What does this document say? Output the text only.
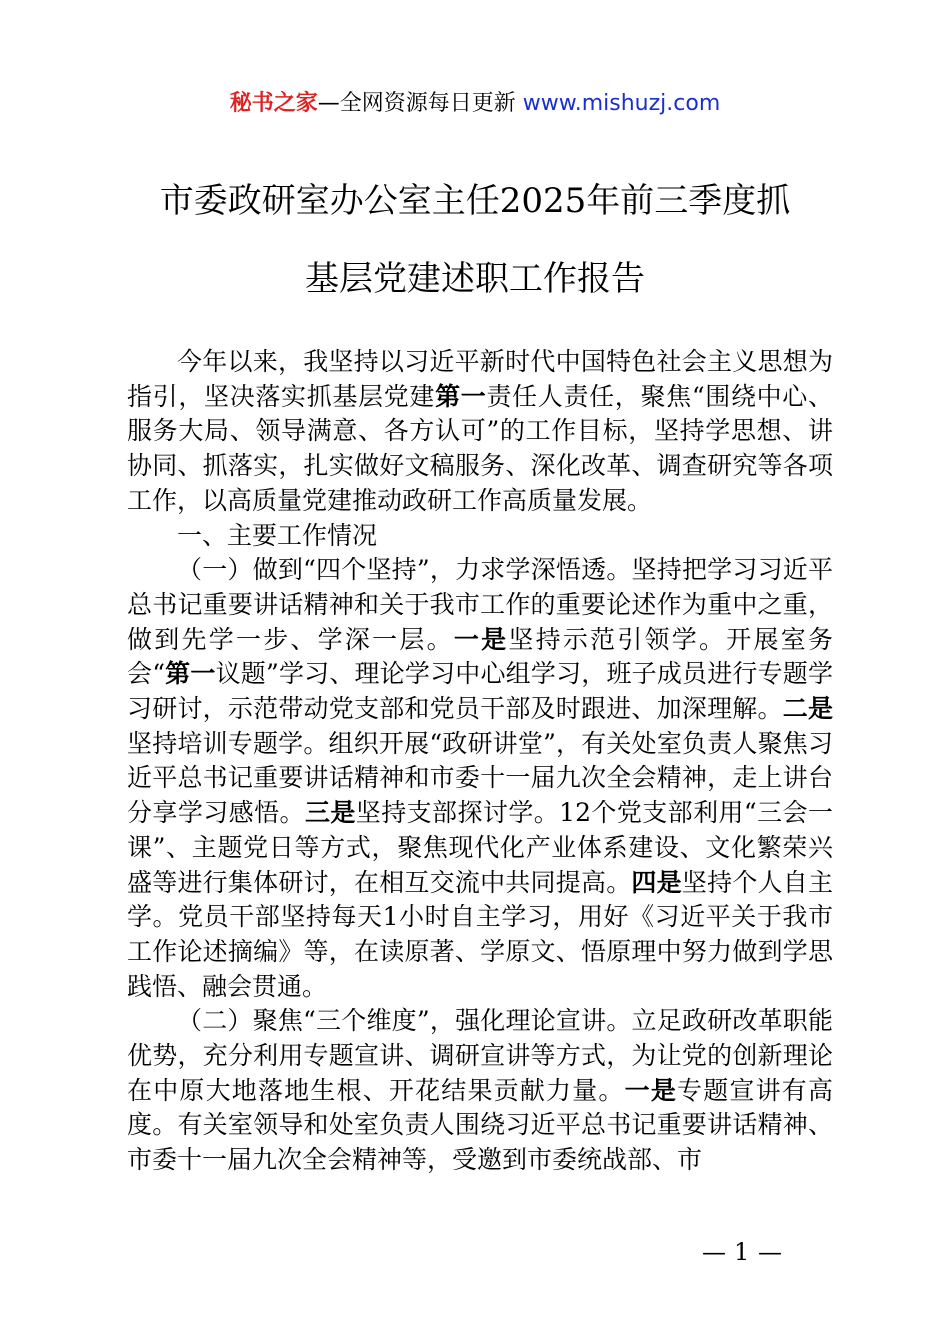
秘书之家—全网资源每日更新 www.mishuzj.com
市委政研室办公室主任2025年前三季度抓
基层党建述职工作报告

今年以来，我坚持以习近平新时代中国特色社会主义思想为指引，坚决落实抓基层党建第一责任人责任，聚焦“围绕中心、服务大局、领导满意、各方认可”的工作目标，坚持学思想、讲协同、抓落实，扎实做好文稿服务、深化改革、调查研究等各项工作，以高质量党建推动政研工作高质量发展。

一、主要工作情况

（一）做到“四个坚持”，力求学深悟透。坚持把学习习近平总书记重要讲话精神和关于我市工作的重要论述作为重中之重，做到先学一步、学深一层。一是坚持示范引领学。开展室务会“第一议题”学习、理论学习中心组学习，班子成员进行专题学习研讨，示范带动党支部和党员干部及时跟进、加深理解。二是坚持培训专题学。组织开展“政研讲堂”，有关处室负责人聚焦习近平总书记重要讲话精神和市委十一届九次全会精神，走上讲台分享学习感悟。三是坚持支部探讨学。12个党支部利用“三会一课”、主题党日等方式，聚焦现代化产业体系建设、文化繁荣兴盛等进行集体研讨，在相互交流中共同提高。四是坚持个人自主学。党员干部坚持每天1小时自主学习，用好《习近平关于我市工作论述摘编》等，在读原著、学原文、悟原理中努力做到学思践悟、融会贯通。

（二）聚焦“三个维度”，强化理论宣讲。立足政研改革职能优势，充分利用专题宣讲、调研宣讲等方式，为让党的创新理论在中原大地落地生根、开花结果贡献力量。一是专题宣讲有高度。有关室领导和处室负责人围绕习近平总书记重要讲话精神、市委十一届九次全会精神等，受邀到市委统战部、市

— 1 —
